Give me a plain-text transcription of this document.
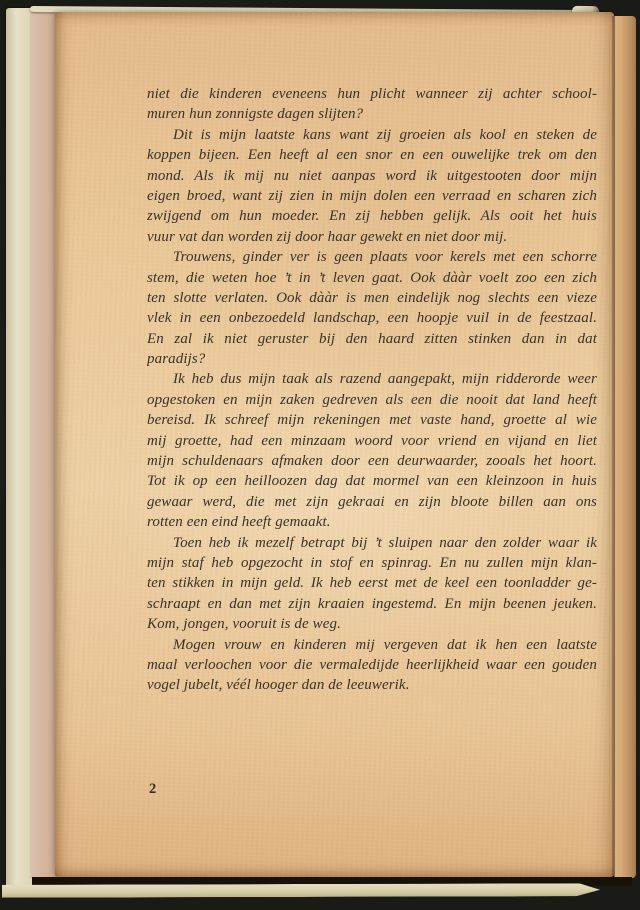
niet die kinderen eveneens hun plicht wanneer zij achter school-
muren hun zonnigste dagen slijten?
Dit is mijn laatste kans want zij groeien als kool en steken de
koppen bijeen. Een heeft al een snor en een ouwelijke trek om den
mond. Als ik mij nu niet aanpas word ik uitgestooten door mijn
eigen broed, want zij zien in mijn dolen een verraad en scharen zich
zwijgend om hun moeder. En zij hebben gelijk. Als ooit het huis
vuur vat dan worden zij door haar gewekt en niet door mij.
Trouwens, ginder ver is geen plaats voor kerels met een schorre
stem, die weten hoe ’t in ’t leven gaat. Ook dààr voelt zoo een zich
ten slotte verlaten. Ook dààr is men eindelijk nog slechts een vieze
vlek in een onbezoedeld landschap, een hoopje vuil in de feestzaal.
En zal ik niet geruster bij den haard zitten stinken dan in dat
paradijs?
Ik heb dus mijn taak als razend aangepakt, mijn ridderorde weer
opgestoken en mijn zaken gedreven als een die nooit dat land heeft
bereisd. Ik schreef mijn rekeningen met vaste hand, groette al wie
mij groette, had een minzaam woord voor vriend en vijand en liet
mijn schuldenaars afmaken door een deurwaarder, zooals het hoort.
Tot ik op een heilloozen dag dat mormel van een kleinzoon in huis
gewaar werd, die met zijn gekraai en zijn bloote billen aan ons
rotten een eind heeft gemaakt.
Toen heb ik mezelf betrapt bij ’t sluipen naar den zolder waar ik
mijn staf heb opgezocht in stof en spinrag. En nu zullen mijn klan-
ten stikken in mijn geld. Ik heb eerst met de keel een toonladder ge-
schraapt en dan met zijn kraaien ingestemd. En mijn beenen jeuken.
Kom, jongen, vooruit is de weg.
Mogen vrouw en kinderen mij vergeven dat ik hen een laatste
maal verloochen voor die vermaledijde heerlijkheid waar een gouden
vogel jubelt, véél hooger dan de leeuwerik.
2
